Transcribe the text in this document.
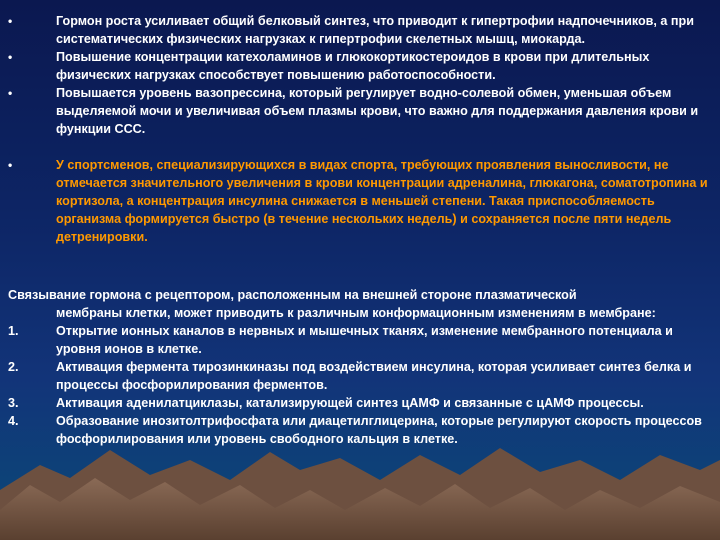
•	Гормон роста усиливает общий белковый синтез, что приводит к гипертрофии надпочечников, а при систематических физических нагрузках к гипертрофии скелетных мышц, миокарда.
•	Повышение концентрации катехоламинов и глюкокортикостероидов в крови при длительных физических нагрузках способствует повышению работоспособности.
•	Повышается уровень вазопрессина, который регулирует водно-солевой обмен, уменьшая объем выделяемой мочи и увеличивая объем плазмы крови, что важно для поддержания давления крови и функции ССС.
•	У спортсменов, специализирующихся в видах спорта, требующих проявления выносливости, не отмечается значительного увеличения в крови концентрации адреналина, глюкагона, соматотропина и кортизола, а концентрация инсулина снижается в меньшей степени. Такая приспособляемость организма формируется быстро (в течение нескольких недель) и сохраняется после пяти недель детренировки.
Связывание гормона с рецептором, расположенным на внешней стороне плазматической
мембраны клетки, может приводить к различным конформационным изменениям в мембране:
1.	Открытие ионных каналов в нервных и мышечных тканях, изменение мембранного потенциала и уровня ионов в клетке.
2.	Активация фермента тирозинкиназы под воздействием инсулина, которая усиливает синтез белка и процессы фосфорилирования ферментов.
3.	Активация аденилатциклазы, катализирующей синтез цАМФ и связанные с цАМФ процессы.
4.	Образование инозитолтрифосфата или диацетилглицерина, которые регулируют скорость процессов фосфорилирования или уровень свободного кальция в клетке.
